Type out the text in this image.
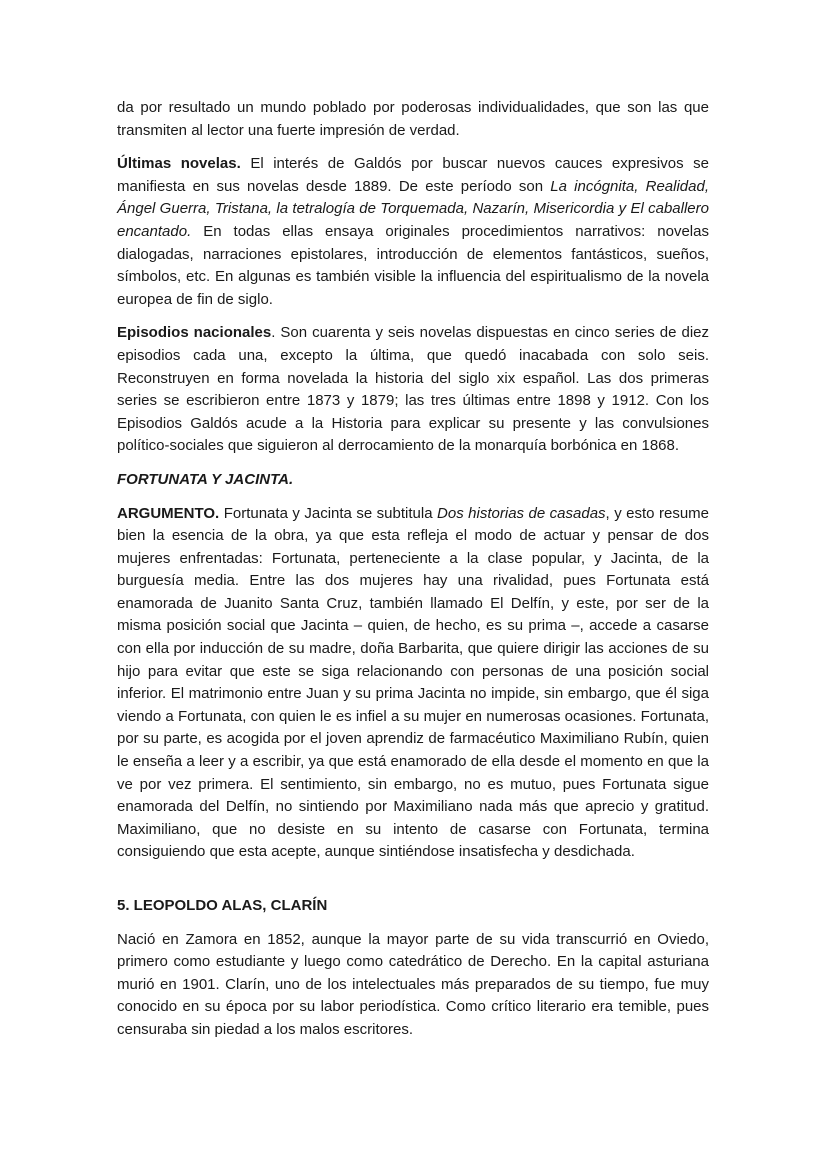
da por resultado un mundo poblado por poderosas individualidades, que son las que transmiten al lector una fuerte impresión de verdad.

Últimas novelas. El interés de Galdós por buscar nuevos cauces expresivos se manifiesta en sus novelas desde 1889. De este período son La incógnita, Realidad, Ángel Guerra, Tristana, la tetralogía de Torquemada, Nazarín, Misericordia y El caballero encantado. En todas ellas ensaya originales procedimientos narrativos: novelas dialogadas, narraciones epistolares, introducción de elementos fantásticos, sueños, símbolos, etc. En algunas es también visible la influencia del espiritualismo de la novela europea de fin de siglo.

Episodios nacionales. Son cuarenta y seis novelas dispuestas en cinco series de diez episodios cada una, excepto la última, que quedó inacabada con solo seis. Reconstruyen en forma novelada la historia del siglo xix español. Las dos primeras series se escribieron entre 1873 y 1879; las tres últimas entre 1898 y 1912. Con los Episodios Galdós acude a la Historia para explicar su presente y las convulsiones político-sociales que siguieron al derrocamiento de la monarquía borbónica en 1868.

FORTUNATA Y JACINTA.

ARGUMENTO. Fortunata y Jacinta se subtitula Dos historias de casadas, y esto resume bien la esencia de la obra, ya que esta refleja el modo de actuar y pensar de dos mujeres enfrentadas: Fortunata, perteneciente a la clase popular, y Jacinta, de la burguesía media. Entre las dos mujeres hay una rivalidad, pues Fortunata está enamorada de Juanito Santa Cruz, también llamado El Delfín, y este, por ser de la misma posición social que Jacinta – quien, de hecho, es su prima –, accede a casarse con ella por inducción de su madre, doña Barbarita, que quiere dirigir las acciones de su hijo para evitar que este se siga relacionando con personas de una posición social inferior. El matrimonio entre Juan y su prima Jacinta no impide, sin embargo, que él siga viendo a Fortunata, con quien le es infiel a su mujer en numerosas ocasiones. Fortunata, por su parte, es acogida por el joven aprendiz de farmacéutico Maximiliano Rubín, quien le enseña a leer y a escribir, ya que está enamorado de ella desde el momento en que la ve por vez primera. El sentimiento, sin embargo, no es mutuo, pues Fortunata sigue enamorada del Delfín, no sintiendo por Maximiliano nada más que aprecio y gratitud. Maximiliano, que no desiste en su intento de casarse con Fortunata, termina consiguiendo que esta acepte, aunque sintiéndose insatisfecha y desdichada.

5. LEOPOLDO ALAS, CLARÍN

Nació en Zamora en 1852, aunque la mayor parte de su vida transcurrió en Oviedo, primero como estudiante y luego como catedrático de Derecho. En la capital asturiana murió en 1901. Clarín, uno de los intelectuales más preparados de su tiempo, fue muy conocido en su época por su labor periodística. Como crítico literario era temible, pues censuraba sin piedad a los malos escritores.
